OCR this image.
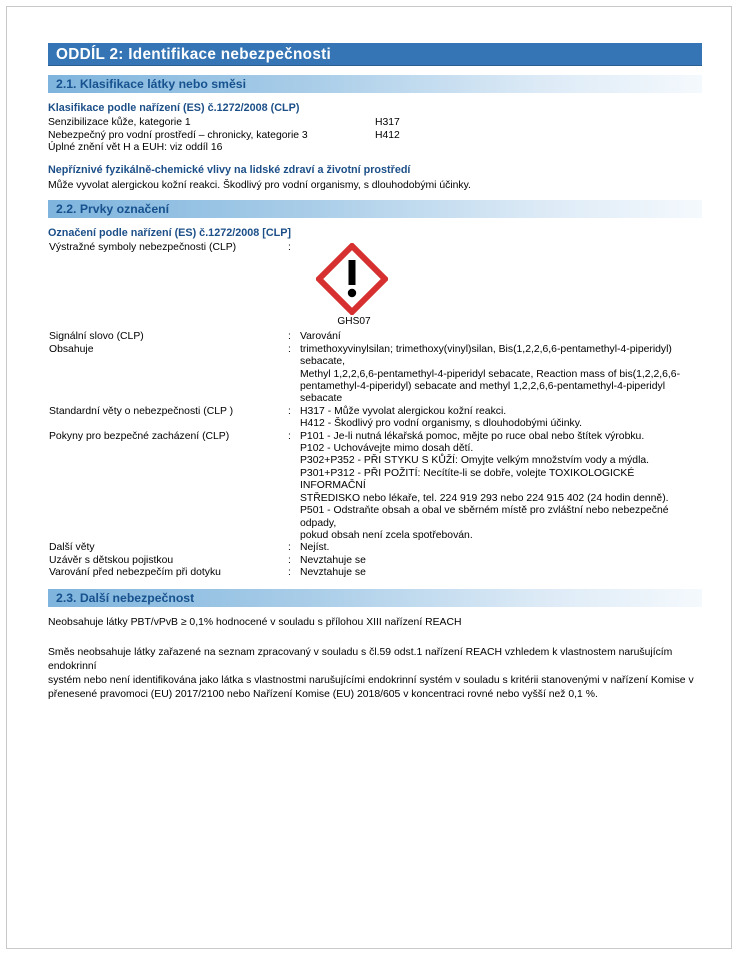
ODDÍL 2: Identifikace nebezpečnosti
2.1. Klasifikace látky nebo směsi
Klasifikace podle nařízení (ES) č.1272/2008 (CLP)
Senzibilizace kůže, kategorie 1	H317
Nebezpečný pro vodní prostředí – chronicky, kategorie 3	H412
Úplné znění vět H a EUH: viz oddíl 16
Nepříznivé fyzikálně-chemické vlivy na lidské zdraví a životní prostředí
Může vyvolat alergickou kožní reakci. Škodlivý pro vodní organismy, s dlouhodobými účinky.
2.2. Prvky označení
Označení podle nařízení (ES) č.1272/2008 [CLP]
Výstražné symboly nebezpečnosti (CLP)	:
GHS07
Signální slovo (CLP)	: Varování
Obsahuje	: trimethoxyvinylsilan; trimethoxy(vinyl)silan, Bis(1,2,2,6,6-pentamethyl-4-piperidyl) sebacate,
Methyl 1,2,2,6,6-pentamethyl-4-piperidyl sebacate, Reaction mass of bis(1,2,2,6,6-
pentamethyl-4-piperidyl) sebacate and methyl 1,2,2,6,6-pentamethyl-4-piperidyl sebacate
Standardní věty o nebezpečnosti (CLP )	: H317 - Může vyvolat alergickou kožní reakci.
H412 - Škodlivý pro vodní organismy, s dlouhodobými účinky.
Pokyny pro bezpečné zacházení (CLP)	: P101 - Je-li nutná lékařská pomoc, mějte po ruce obal nebo štítek výrobku.
P102 - Uchovávejte mimo dosah dětí.
P302+P352 - PŘI STYKU S KŮŽÍ: Omyjte velkým množstvím vody a mýdla.
P301+P312 - PŘI POŽITÍ: Necítíte-li se dobře, volejte TOXIKOLOGICKÉ INFORMAČNÍ
STŘEDISKO nebo lékaře, tel. 224 919 293 nebo 224 915 402 (24 hodin denně).
P501 - Odstraňte obsah a obal ve sběrném místě pro zvláštní nebo nebezpečné odpady,
pokud obsah není zcela spotřebován.
Další věty	: Nejíst.
Uzávěr s dětskou pojistkou	: Nevztahuje se
Varování před nebezpečím při dotyku	: Nevztahuje se
2.3. Další nebezpečnost
Neobsahuje látky PBT/vPvB ≥ 0,1% hodnocené v souladu s přílohou XIII nařízení REACH
Směs neobsahuje látky zařazené na seznam zpracovaný v souladu s čl.59 odst.1 nařízení REACH vzhledem k vlastnostem narušujícím endokrinní
systém nebo není identifikována jako látka s vlastnostmi narušujícími endokrinní systém v souladu s kritérii stanovenými v nařízení Komise v
přenesené pravomoci (EU) 2017/2100 nebo Nařízení Komise (EU) 2018/605 v koncentraci rovné nebo vyšší než 0,1 %.
